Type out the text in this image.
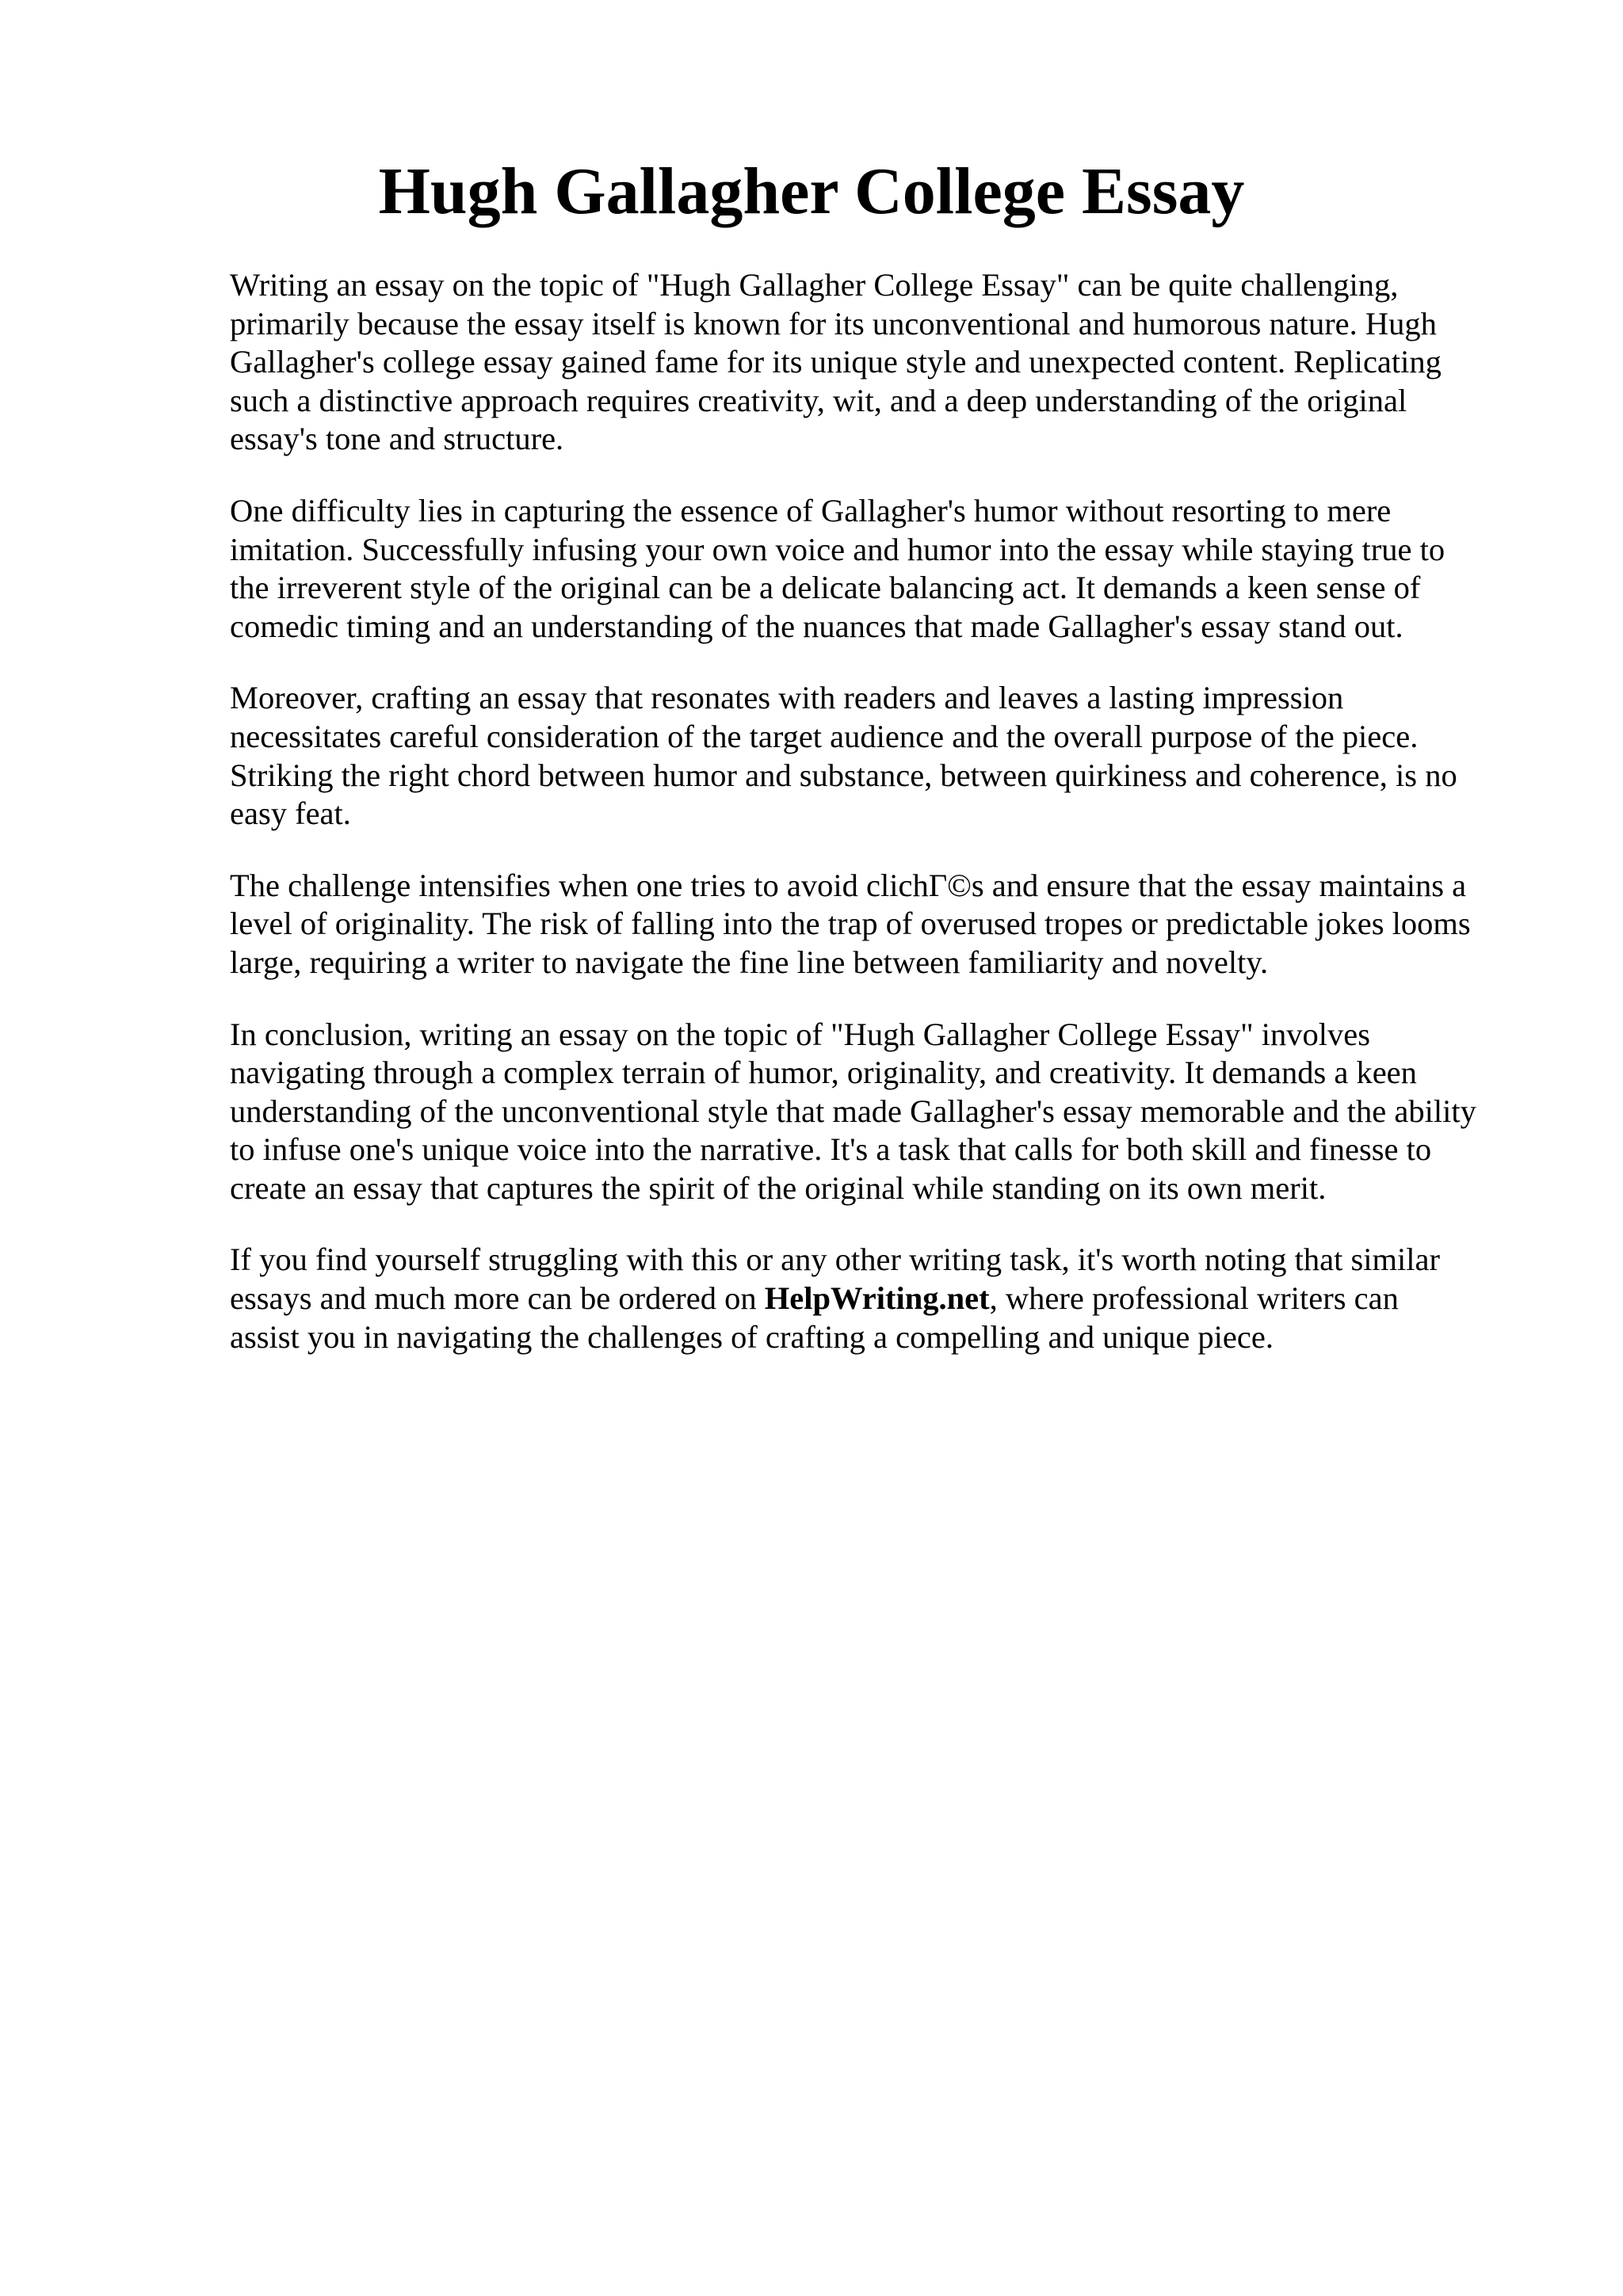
Hugh Gallagher College Essay

Writing an essay on the topic of "Hugh Gallagher College Essay" can be quite challenging,
primarily because the essay itself is known for its unconventional and humorous nature. Hugh
Gallagher's college essay gained fame for its unique style and unexpected content. Replicating
such a distinctive approach requires creativity, wit, and a deep understanding of the original
essay's tone and structure.

One difficulty lies in capturing the essence of Gallagher's humor without resorting to mere
imitation. Successfully infusing your own voice and humor into the essay while staying true to
the irreverent style of the original can be a delicate balancing act. It demands a keen sense of
comedic timing and an understanding of the nuances that made Gallagher's essay stand out.

Moreover, crafting an essay that resonates with readers and leaves a lasting impression
necessitates careful consideration of the target audience and the overall purpose of the piece.
Striking the right chord between humor and substance, between quirkiness and coherence, is no
easy feat.

The challenge intensifies when one tries to avoid clichГ©s and ensure that the essay maintains a
level of originality. The risk of falling into the trap of overused tropes or predictable jokes looms
large, requiring a writer to navigate the fine line between familiarity and novelty.

In conclusion, writing an essay on the topic of "Hugh Gallagher College Essay" involves
navigating through a complex terrain of humor, originality, and creativity. It demands a keen
understanding of the unconventional style that made Gallagher's essay memorable and the ability
to infuse one's unique voice into the narrative. It's a task that calls for both skill and finesse to
create an essay that captures the spirit of the original while standing on its own merit.

If you find yourself struggling with this or any other writing task, it's worth noting that similar
essays and much more can be ordered on HelpWriting.net, where professional writers can
assist you in navigating the challenges of crafting a compelling and unique piece.
